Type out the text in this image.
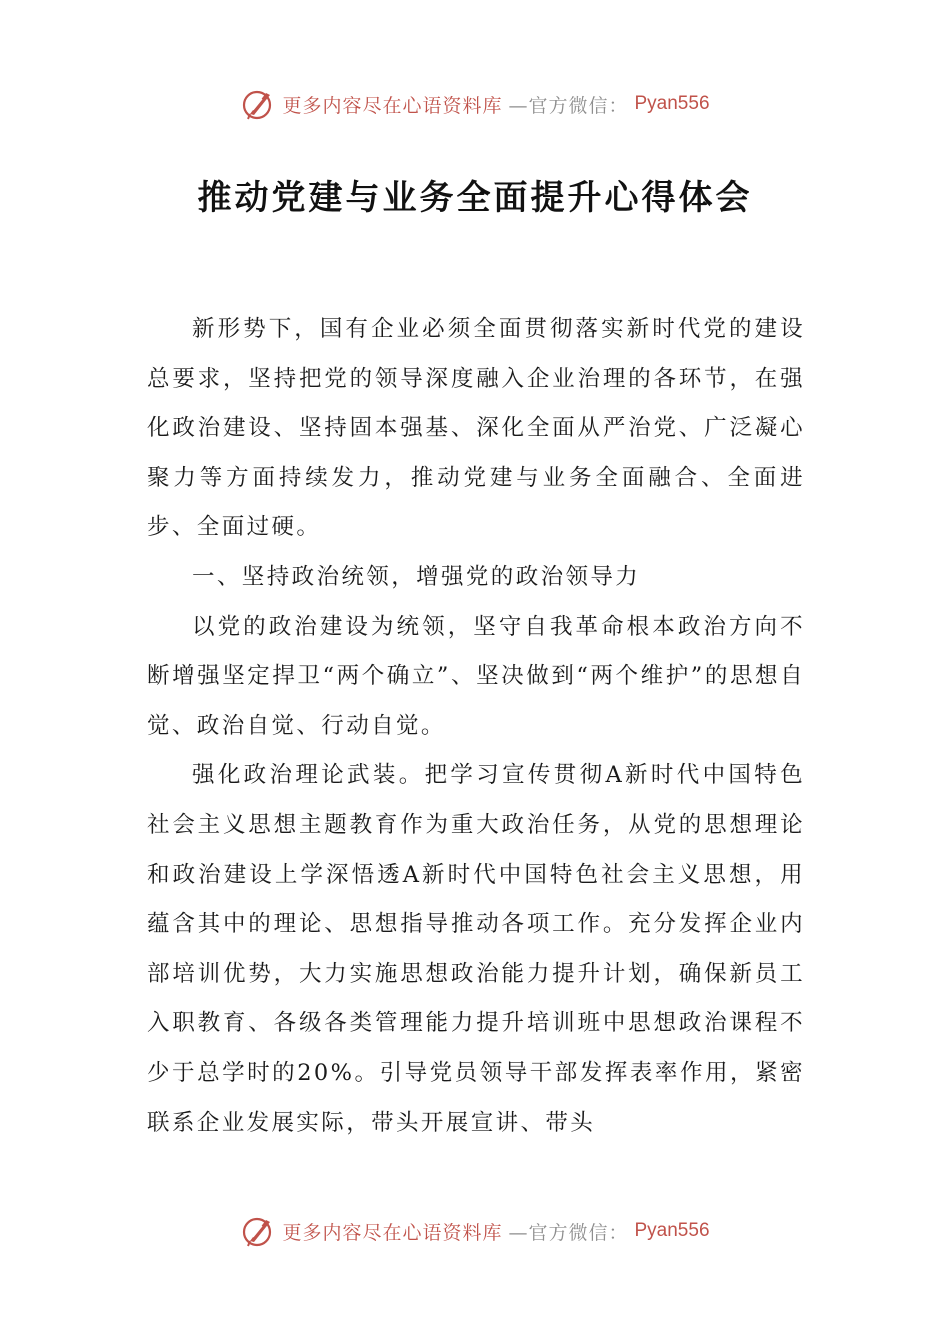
更多内容尽在心语资料库 —官方微信： Pyan556
推动党建与业务全面提升心得体会

新形势下，国有企业必须全面贯彻落实新时代党的建设总要求，坚持把党的领导深度融入企业治理的各环节，在强化政治建设、坚持固本强基、深化全面从严治党、广泛凝心聚力等方面持续发力，推动党建与业务全面融合、全面进步、全面过硬。

一、坚持政治统领，增强党的政治领导力

以党的政治建设为统领，坚守自我革命根本政治方向不断增强坚定捍卫“两个确立”、坚决做到“两个维护”的思想自觉、政治自觉、行动自觉。

强化政治理论武装。把学习宣传贯彻A新时代中国特色社会主义思想主题教育作为重大政治任务，从党的思想理论和政治建设上学深悟透A新时代中国特色社会主义思想，用蕴含其中的理论、思想指导推动各项工作。充分发挥企业内部培训优势，大力实施思想政治能力提升计划，确保新员工入职教育、各级各类管理能力提升培训班中思想政治课程不少于总学时的20%。引导党员领导干部发挥表率作用，紧密联系企业发展实际，带头开展宣讲、带头

更多内容尽在心语资料库 —官方微信： Pyan556
